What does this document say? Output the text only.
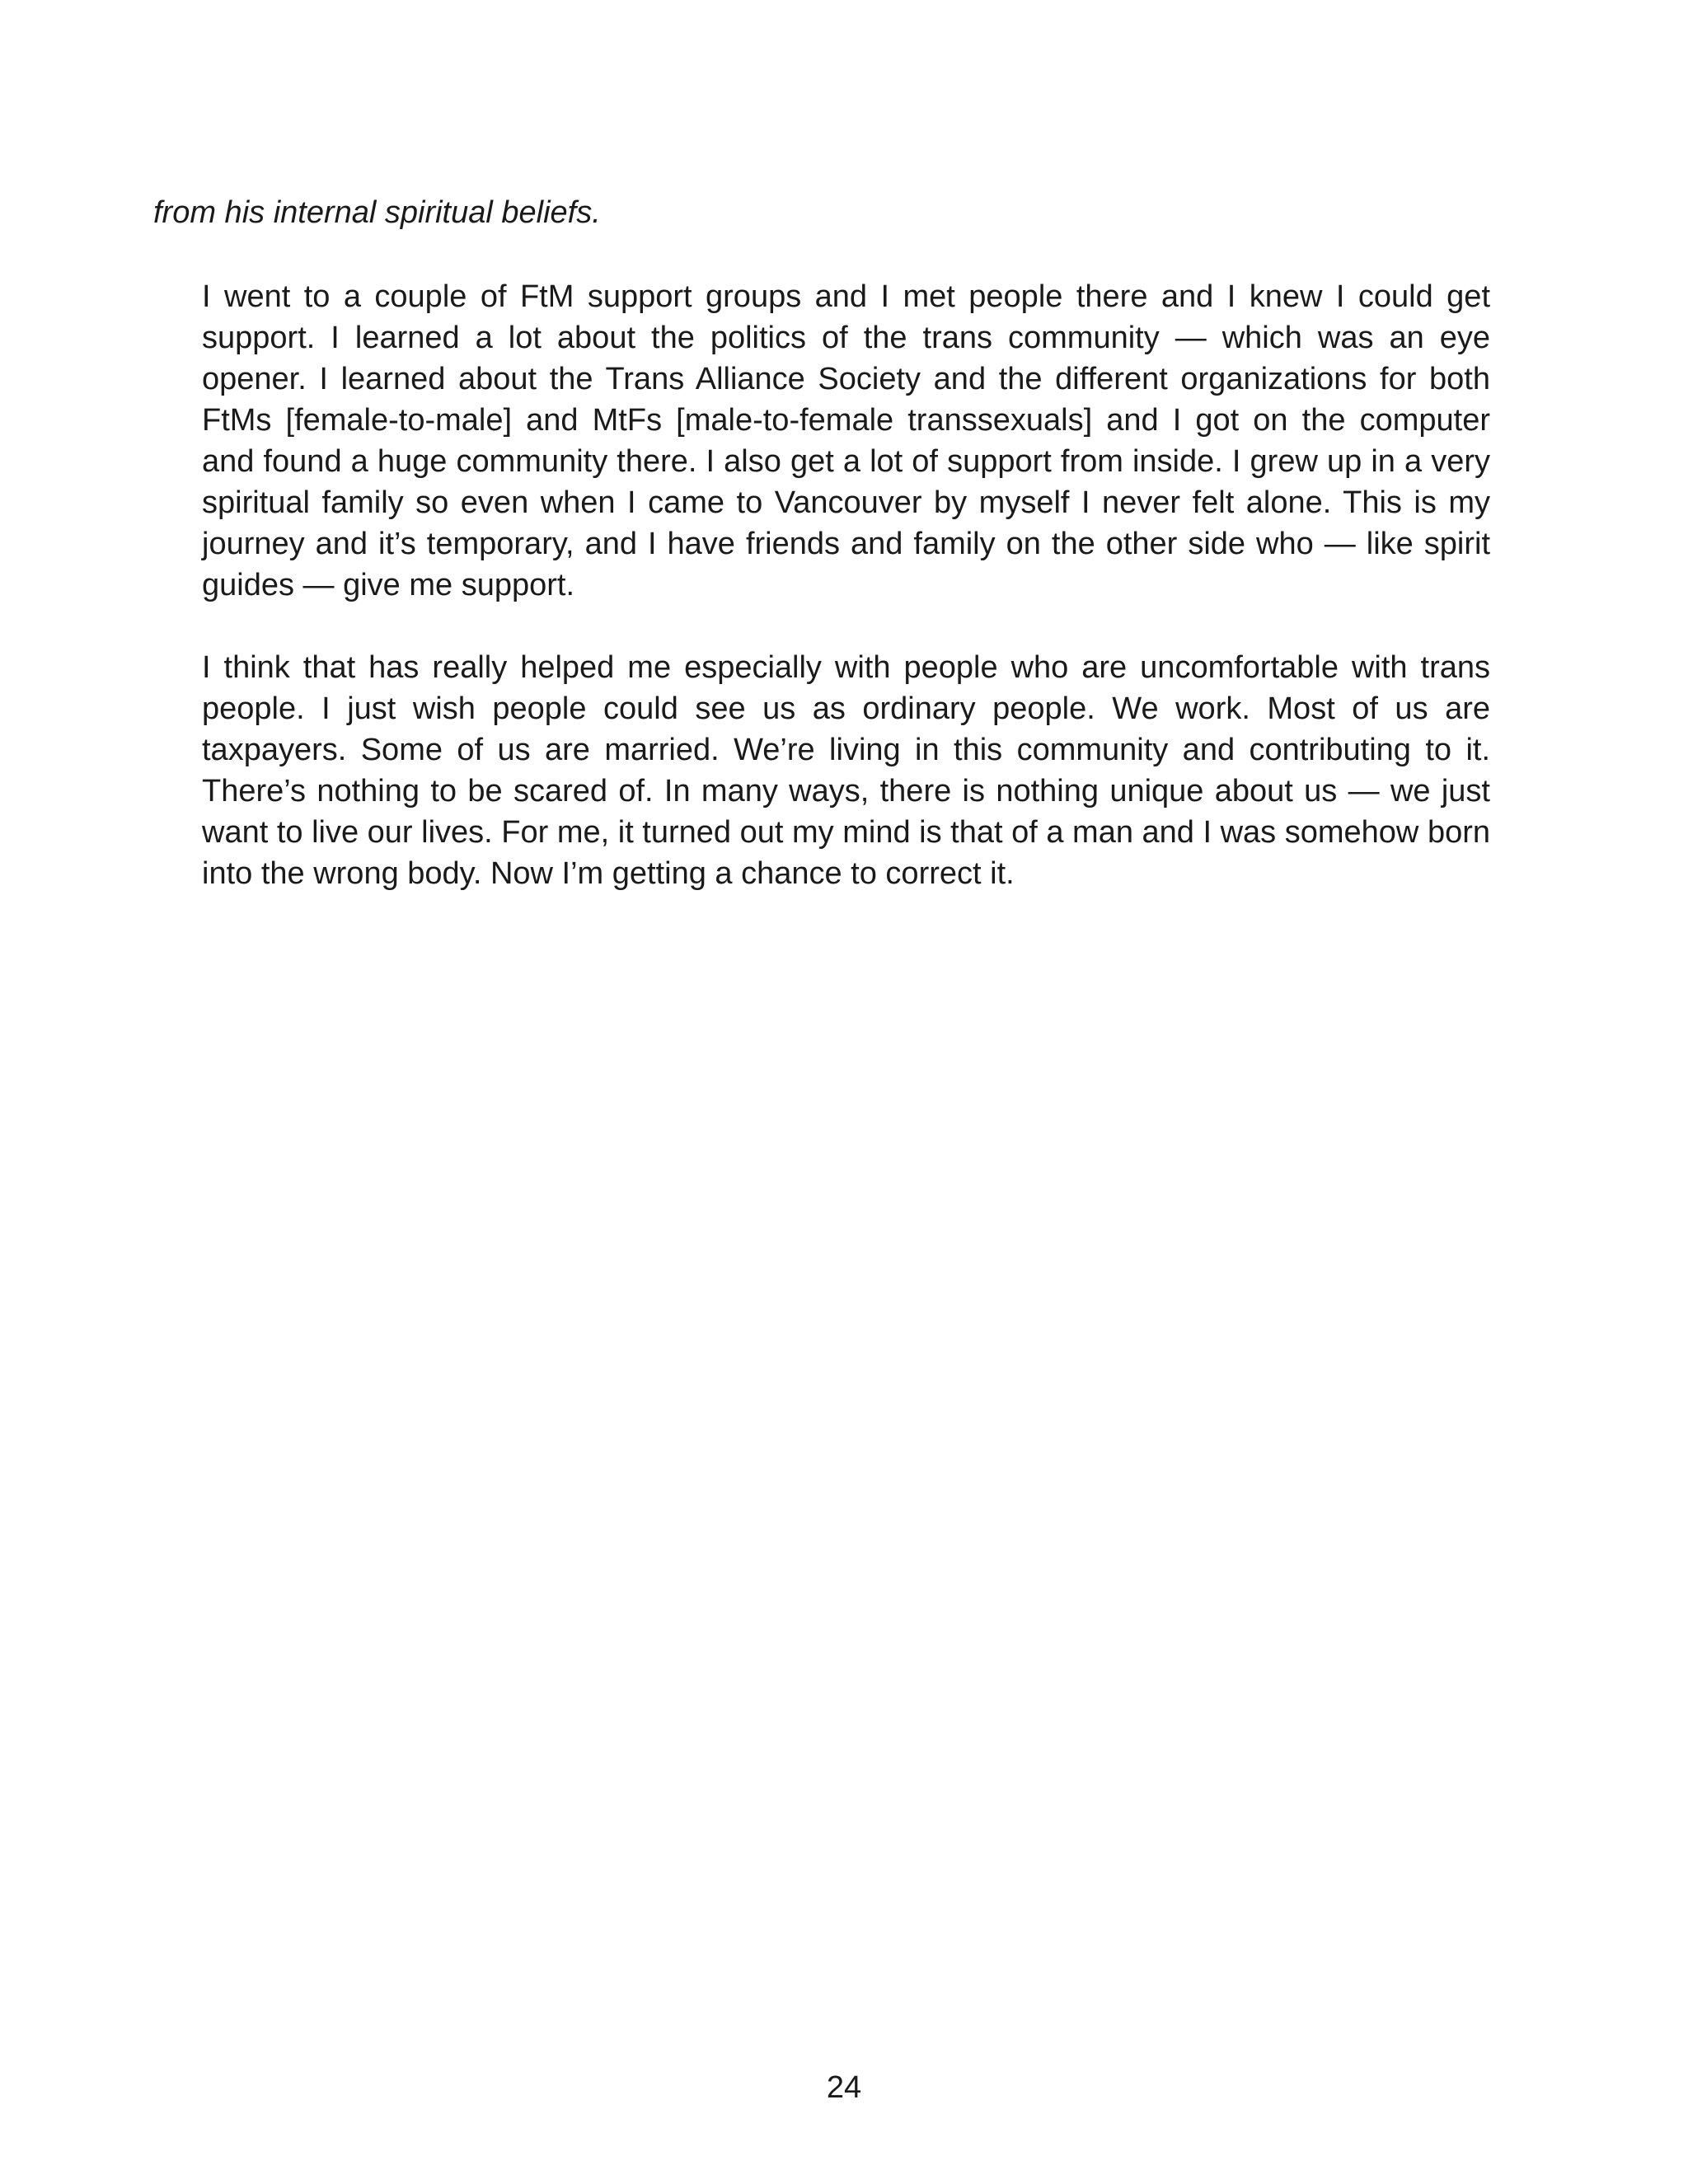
from his internal spiritual beliefs.

I went to a couple of FtM support groups and I met people there and I knew I could get support. I learned a lot about the politics of the trans community — which was an eye opener. I learned about the Trans Alliance Society and the different organizations for both FtMs [female-to-male] and MtFs [male-to-female transsexuals] and I got on the computer and found a huge community there. I also get a lot of support from inside. I grew up in a very spiritual family so even when I came to Vancouver by myself I never felt alone. This is my journey and it’s temporary, and I have friends and family on the other side who — like spirit guides — give me support.

I think that has really helped me especially with people who are uncomfortable with trans people. I just wish people could see us as ordinary people. We work. Most of us are taxpayers. Some of us are married. We’re living in this community and contributing to it. There’s nothing to be scared of. In many ways, there is nothing unique about us — we just want to live our lives. For me, it turned out my mind is that of a man and I was somehow born into the wrong body. Now I’m getting a chance to correct it.

24
